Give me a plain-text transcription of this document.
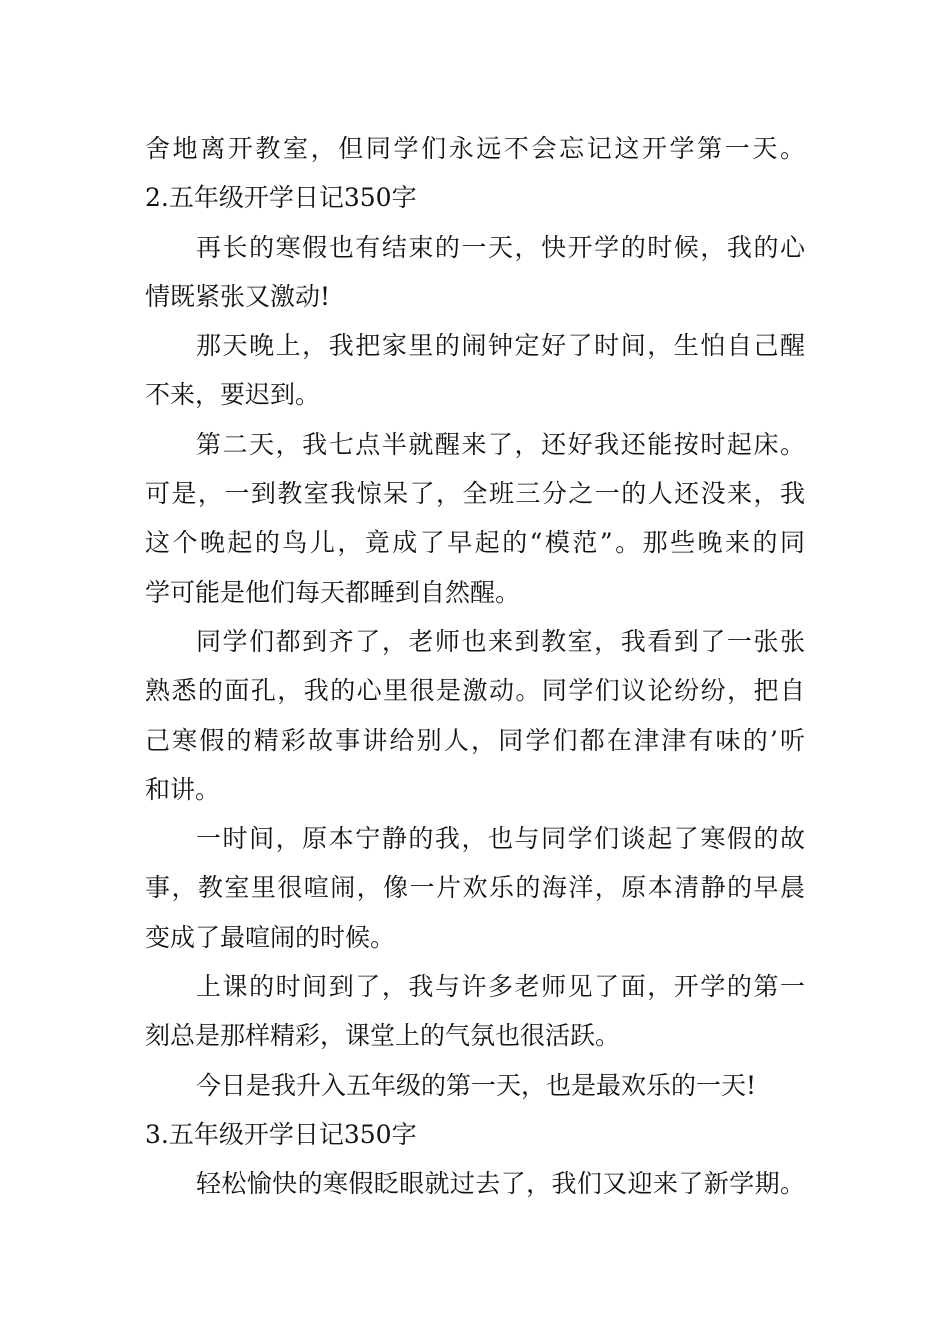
舍地离开教室，但同学们永远不会忘记这开学第一天。
2.五年级开学日记350字
再长的寒假也有结束的一天，快开学的时候，我的心
情既紧张又激动!
那天晚上，我把家里的闹钟定好了时间，生怕自己醒
不来，要迟到。
第二天，我七点半就醒来了，还好我还能按时起床。
可是，一到教室我惊呆了，全班三分之一的人还没来，我
这个晚起的鸟儿，竟成了早起的“模范”。那些晚来的同
学可能是他们每天都睡到自然醒。
同学们都到齐了，老师也来到教室，我看到了一张张
熟悉的面孔，我的心里很是激动。同学们议论纷纷，把自
己寒假的精彩故事讲给别人，同学们都在津津有味的’听
和讲。
一时间，原本宁静的我，也与同学们谈起了寒假的故
事，教室里很喧闹，像一片欢乐的海洋，原本清静的早晨
变成了最喧闹的时候。
上课的时间到了，我与许多老师见了面，开学的第一
刻总是那样精彩，课堂上的气氛也很活跃。
今日是我升入五年级的第一天，也是最欢乐的一天!
3.五年级开学日记350字
轻松愉快的寒假眨眼就过去了，我们又迎来了新学期。
